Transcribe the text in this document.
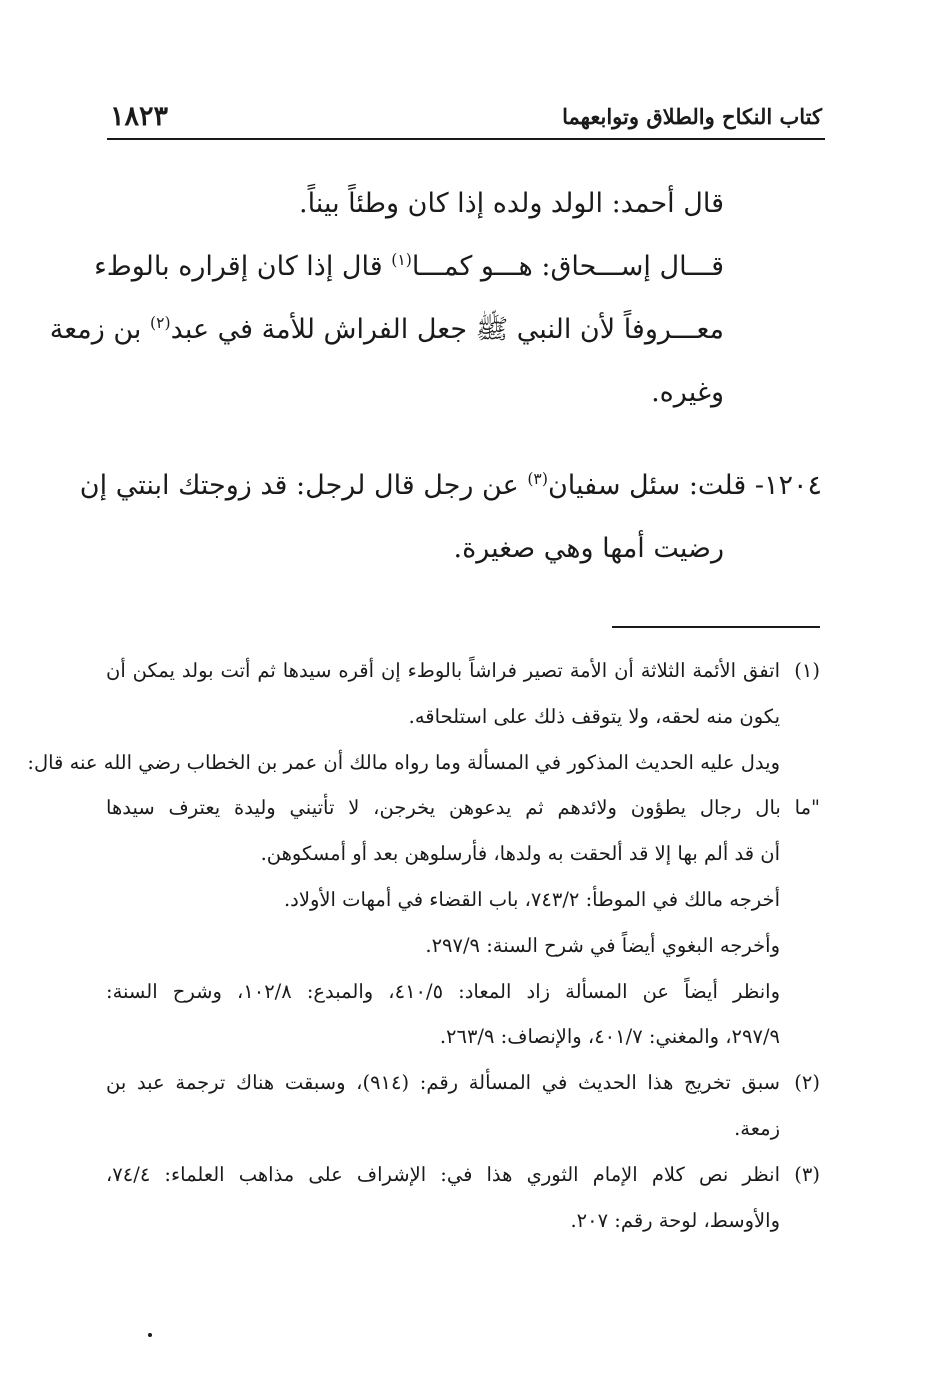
كتاب النكاح والطلاق وتوابعهما
١٨٢٣
قال أحمد: الولد ولده إذا كان وطئاً بيناً.
قـــال إســـحاق: هـــو كمـــا$^{(١)}$ قال إذا كان إقراره بالوطء
معـــروفاً لأن النبي ﷺ جعل الفراش للأمة في عبد$^{(٢)}$ بن زمعة
وغيره.
١٢٠٤- قلت: سئل سفيان$^{(٣)}$ عن رجل قال لرجل: قد زوجتك ابنتي إن
رضيت أمها وهي صغيرة.
(١)اتفق الأئمة الثلاثة أن الأمة تصير فراشاً بالوطء إن أقره سيدها ثم أتت بولد يمكن أن
يكون منه لحقه، ولا يتوقف ذلك على استلحاقه.
ويدل عليه الحديث المذكور في المسألة وما رواه مالك أن عمر بن الخطاب رضي الله عنه قال:
"ما بال رجال يطؤون ولائدهم ثم يدعوهن يخرجن، لا تأتيني وليدة يعترف سيدها
أن قد ألم بها إلا قد ألحقت به ولدها، فأرسلوهن بعد أو أمسكوهن.
أخرجه مالك في الموطأ: ٧٤٣/٢، باب القضاء في أمهات الأولاد.
وأخرجه البغوي أيضاً في شرح السنة: ٢٩٧/٩.
وانظر أيضاً عن المسألة زاد المعاد: ٤١٠/٥، والمبدع: ١٠٢/٨، وشرح السنة:
٢٩٧/٩، والمغني: ٤٠١/٧، والإنصاف: ٢٦٣/٩.
(٢)سبق تخريج هذا الحديث في المسألة رقم: (٩١٤)، وسبقت هناك ترجمة عبد بن
زمعة.
(٣)انظر نص كلام الإمام الثوري هذا في: الإشراف على مذاهب العلماء: ٧٤/٤،
والأوسط، لوحة رقم: ٢٠٧.
